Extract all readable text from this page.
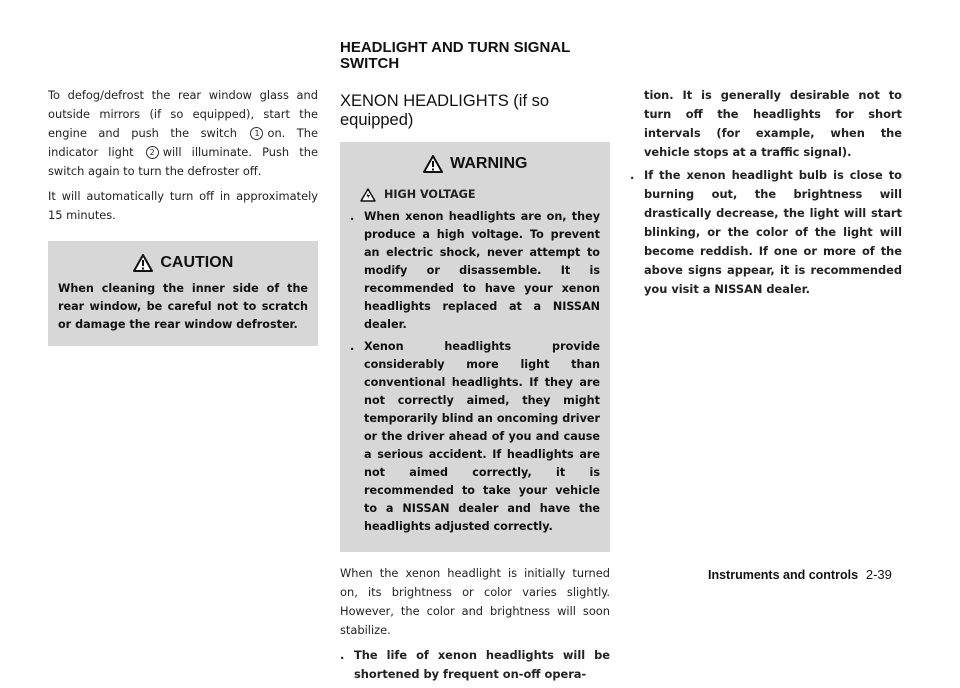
HEADLIGHT AND TURN SIGNAL
SWITCH

To defog/defrost the rear window glass and outside mirrors (if so equipped), start the engine and push the switch 1 on. The indicator light 2 will illuminate. Push the switch again to turn the defroster off.

It will automatically turn off in approximately 15 minutes.

CAUTION
When cleaning the inner side of the rear window, be careful not to scratch or damage the rear window defroster.
XENON HEADLIGHTS (if so equipped)
WARNING
HIGH VOLTAGE
. When xenon headlights are on, they produce a high voltage. To prevent an electric shock, never attempt to modify or disassemble. It is recommended to have your xenon headlights replaced at a NISSAN dealer.
. Xenon headlights provide considerably more light than conventional headlights. If they are not correctly aimed, they might temporarily blind an oncoming driver or the driver ahead of you and cause a serious accident. If headlights are not aimed correctly, it is recommended to take your vehicle to a NISSAN dealer and have the headlights adjusted correctly.

When the xenon headlight is initially turned on, its brightness or color varies slightly. However, the color and brightness will soon stabilize.

. The life of xenon headlights will be shortened by frequent on-off opera-
tion. It is generally desirable not to turn off the headlights for short intervals (for example, when the vehicle stops at a traffic signal).
. If the xenon headlight bulb is close to burning out, the brightness will drastically decrease, the light will start blinking, or the color of the light will become reddish. If one or more of the above signs appear, it is recommended you visit a NISSAN dealer.
Instruments and controls 2-39
